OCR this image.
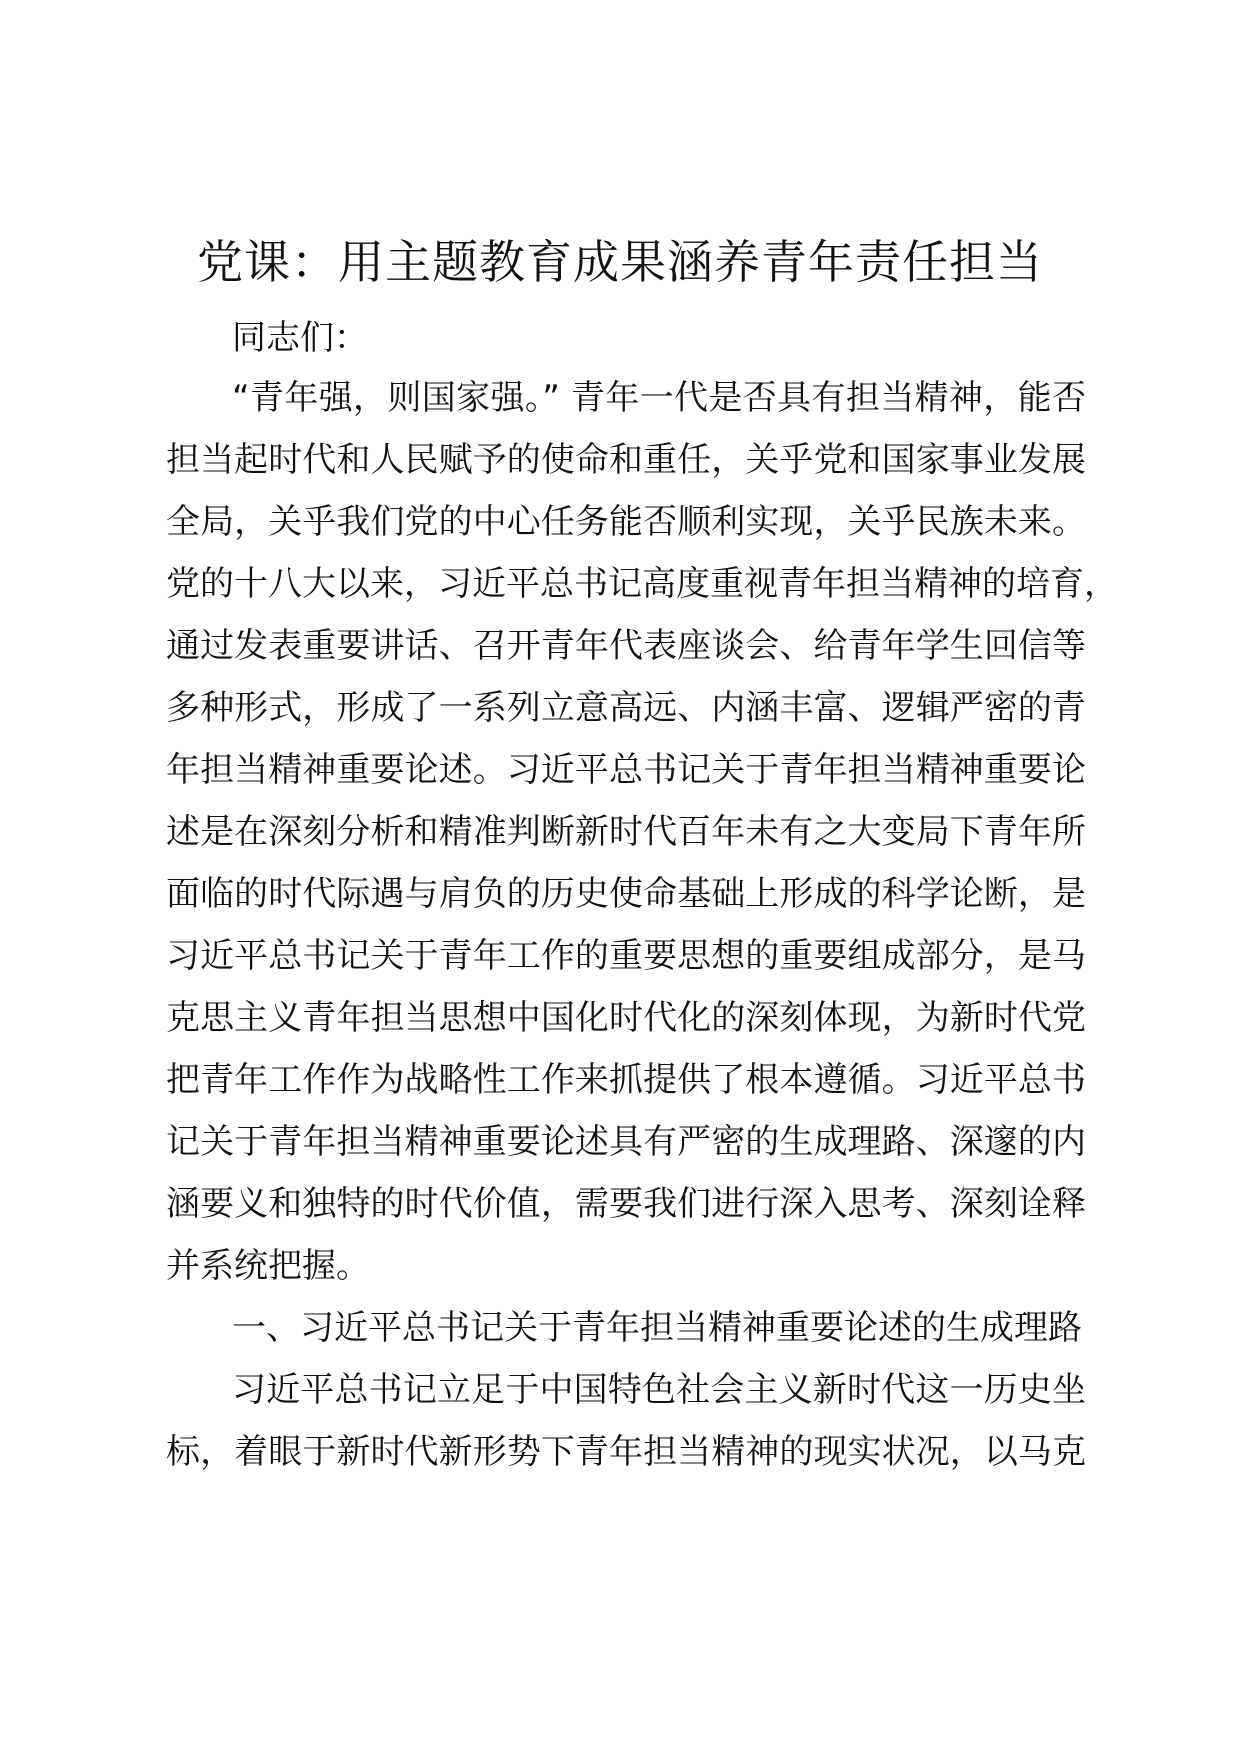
党课：用主题教育成果涵养青年责任担当

同志们：

“青年强，则国家强。” 青年一代是否具有担当精神，能否

担当起时代和人民赋予的使命和重任，关乎党和国家事业发展

全局，关乎我们党的中心任务能否顺利实现，关乎民族未来。

党的十八大以来，习近平总书记高度重视青年担当精神的培育，

通过发表重要讲话、召开青年代表座谈会、给青年学生回信等

多种形式，形成了一系列立意高远、内涵丰富、逻辑严密的青

年担当精神重要论述。习近平总书记关于青年担当精神重要论

述是在深刻分析和精准判断新时代百年未有之大变局下青年所

面临的时代际遇与肩负的历史使命基础上形成的科学论断，是

习近平总书记关于青年工作的重要思想的重要组成部分，是马

克思主义青年担当思想中国化时代化的深刻体现，为新时代党

把青年工作作为战略性工作来抓提供了根本遵循。习近平总书

记关于青年担当精神重要论述具有严密的生成理路、深邃的内

涵要义和独特的时代价值，需要我们进行深入思考、深刻诠释

并系统把握。

一、习近平总书记关于青年担当精神重要论述的生成理路

习近平总书记立足于中国特色社会主义新时代这一历史坐

标，着眼于新时代新形势下青年担当精神的现实状况，以马克
